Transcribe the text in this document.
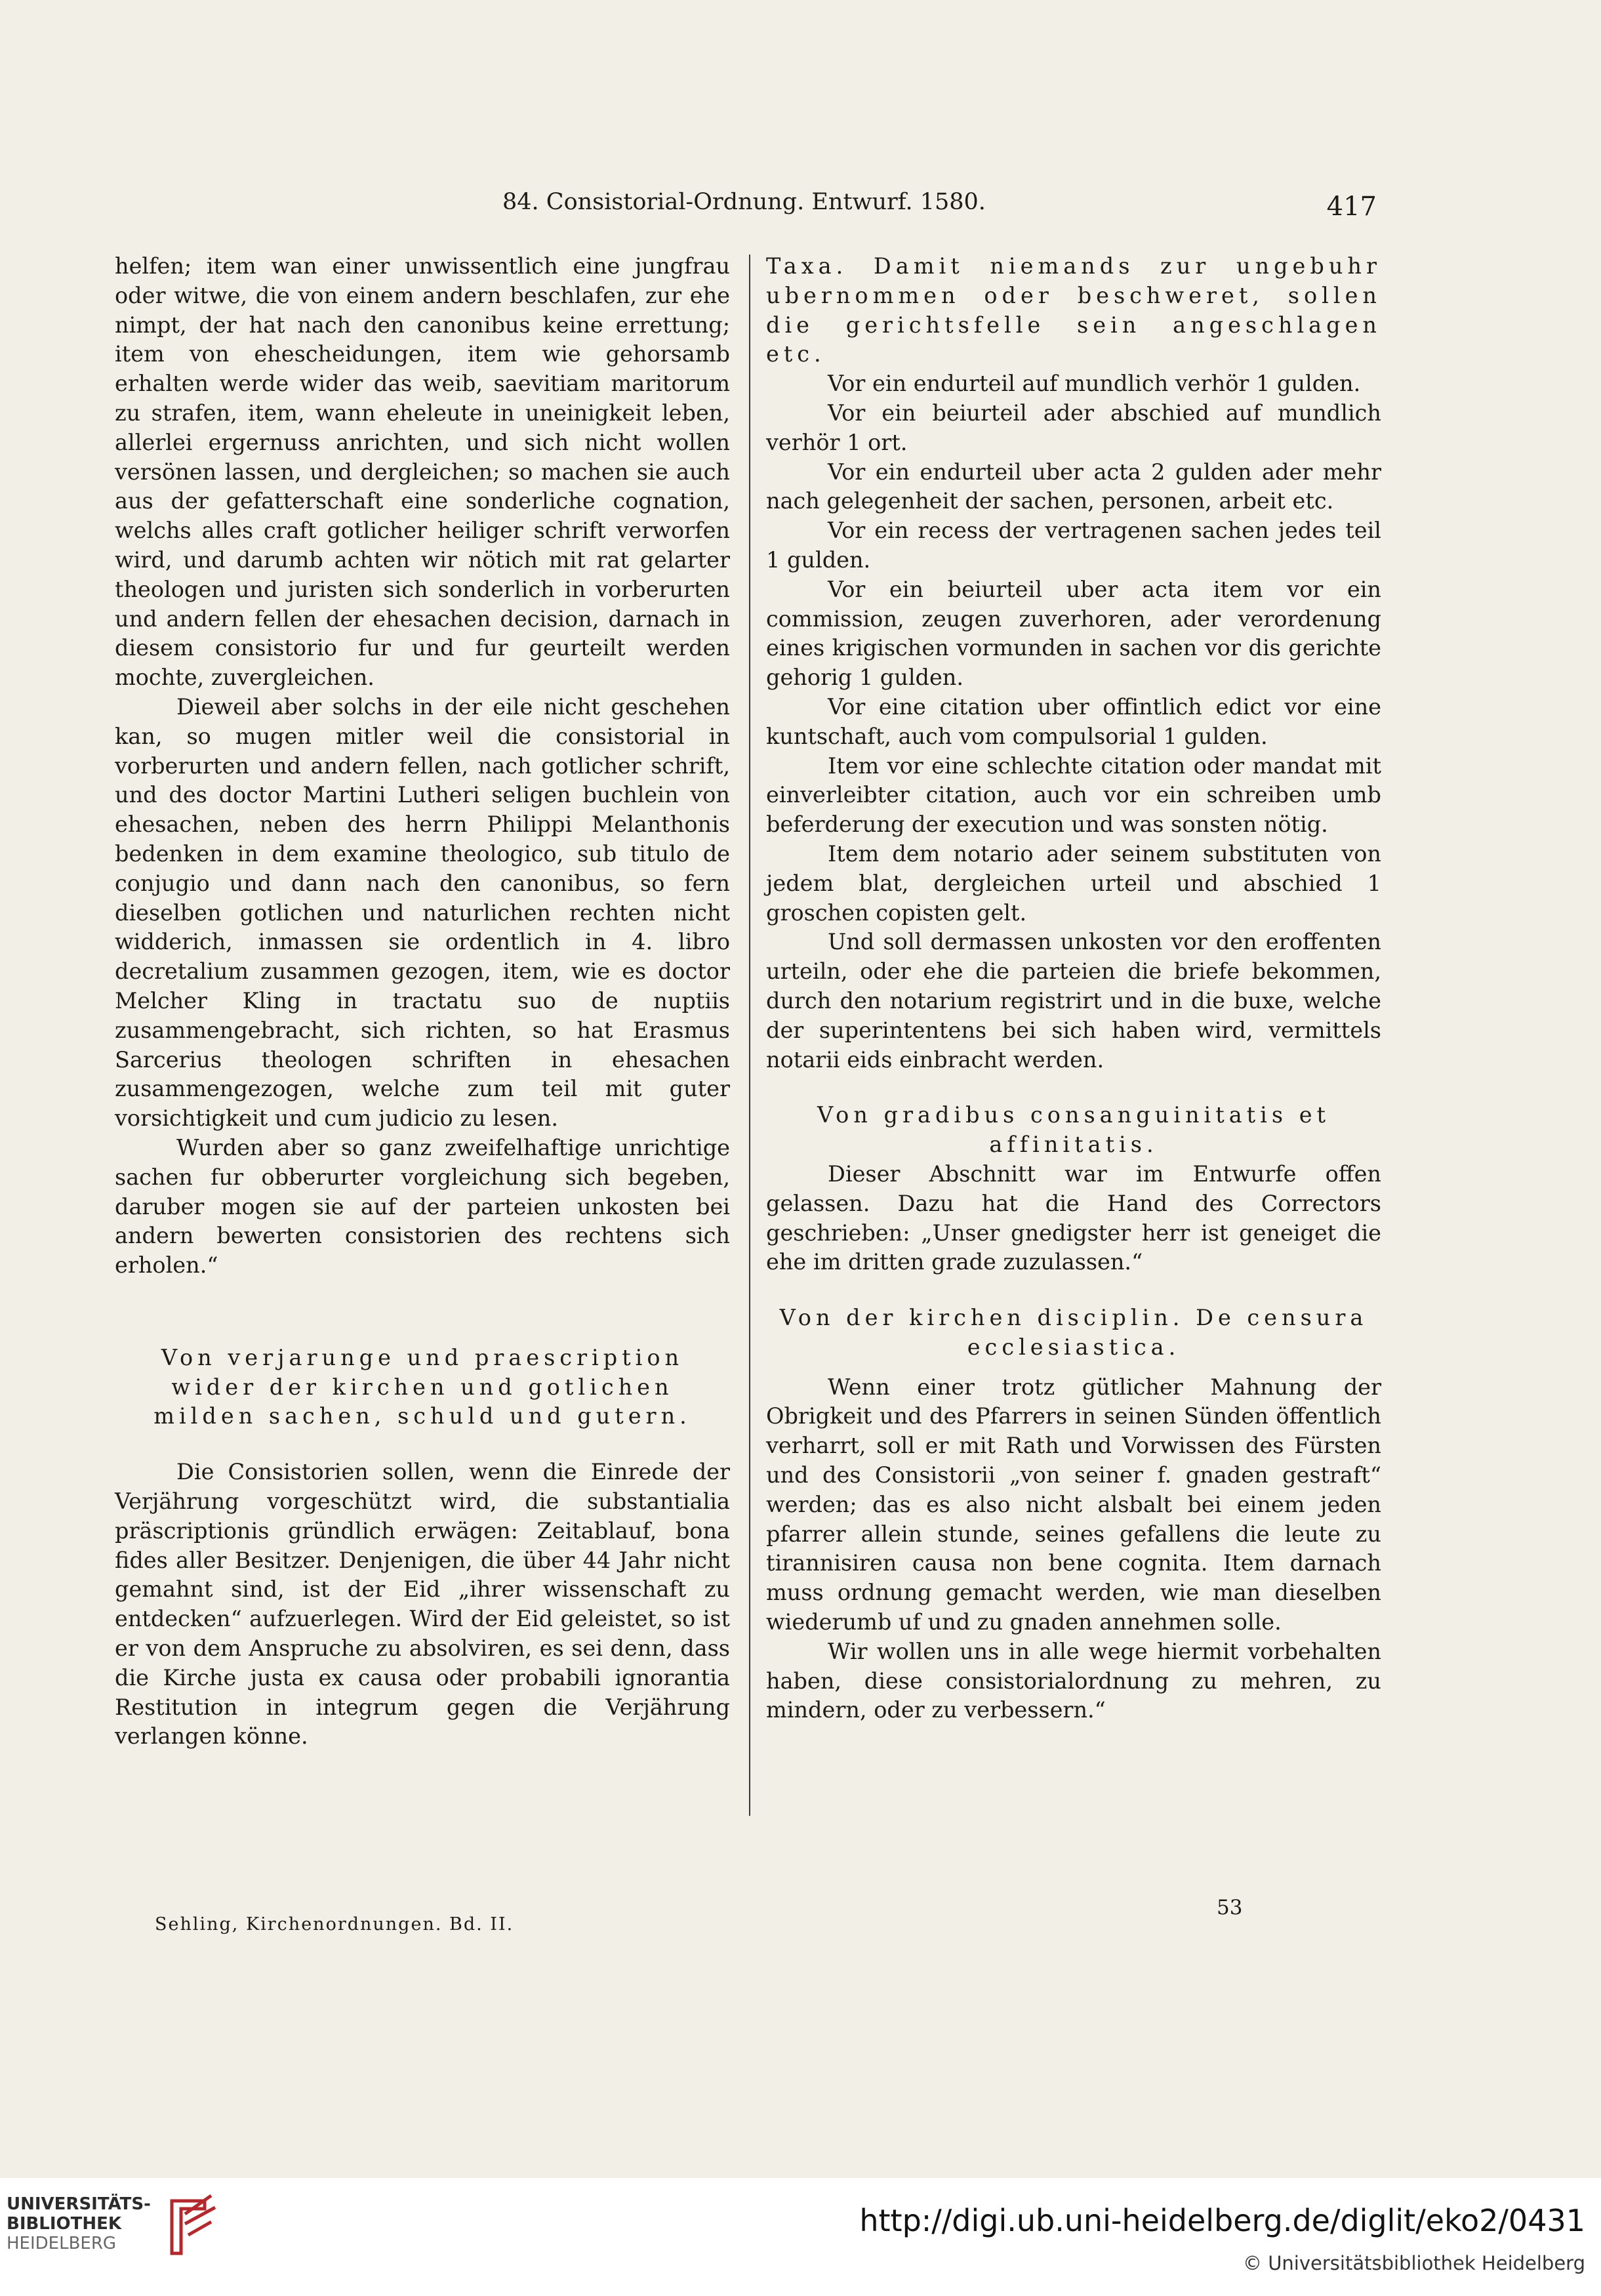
84. Consistorial-Ordnung. Entwurf. 1580.	417

helfen; item wan einer unwissentlich eine jungfrau oder witwe, die von einem andern beschlafen, zur ehe nimpt, der hat nach den canonibus keine errettung; item von ehescheidungen, item wie gehorsamb erhalten werde wider das weib, saevitiam maritorum zu strafen, item, wann eheleute in uneinigkeit leben, allerlei ergernuss anrichten, und sich nicht wollen versönen lassen, und dergleichen; so machen sie auch aus der gefatterschaft eine sonderliche cognation, welchs alles craft gotlicher heiliger schrift verworfen wird, und darumb achten wir nötich mit rat gelarter theologen und juristen sich sonderlich in vorberurten und andern fellen der ehesachen decision, darnach in diesem consistorio fur und fur geurteilt werden mochte, zuvergleichen.

Dieweil aber solchs in der eile nicht geschehen kan, so mugen mitler weil die consistorial in vorberurten und andern fellen, nach gotlicher schrift, und des doctor Martini Lutheri seligen buchlein von ehesachen, neben des herrn Philippi Melanthonis bedenken in dem examine theologico, sub titulo de conjugio und dann nach den canonibus, so fern dieselben gotlichen und naturlichen rechten nicht widderich, inmassen sie ordentlich in 4. libro decretalium zusammen gezogen, item, wie es doctor Melcher Kling in tractatu suo de nuptiis zusammengebracht, sich richten, so hat Erasmus Sarcerius theologen schriften in ehesachen zusammengezogen, welche zum teil mit guter vorsichtigkeit und cum judicio zu lesen.

Wurden aber so ganz zweifelhaftige unrichtige sachen fur obberurter vorgleichung sich begeben, daruber mogen sie auf der parteien unkosten bei andern bewerten consistorien des rechtens sich erholen.“

Von verjarunge und praescription wider der kirchen und gotlichen milden sachen, schuld und gutern.

Die Consistorien sollen, wenn die Einrede der Verjährung vorgeschützt wird, die substantialia präscriptionis gründlich erwägen: Zeitablauf, bona fides aller Besitzer. Denjenigen, die über 44 Jahr nicht gemahnt sind, ist der Eid „ihrer wissenschaft zu entdecken“ aufzuerlegen. Wird der Eid geleistet, so ist er von dem Anspruche zu absolviren, es sei denn, dass die Kirche justa ex causa oder probabili ignorantia Restitution in integrum gegen die Verjährung verlangen könne.

Taxa. Damit niemands zur ungebuhr ubernommen oder beschweret, sollen die gerichtsfelle sein angeschlagen etc.

Vor ein endurteil auf mundlich verhör 1 gulden.

Vor ein beiurteil ader abschied auf mundlich verhör 1 ort.

Vor ein endurteil uber acta 2 gulden ader mehr nach gelegenheit der sachen, personen, arbeit etc.

Vor ein recess der vertragenen sachen jedes teil 1 gulden.

Vor ein beiurteil uber acta item vor ein commission, zeugen zuverhoren, ader verordenung eines krigischen vormunden in sachen vor dis gerichte gehorig 1 gulden.

Vor eine citation uber offintlich edict vor eine kuntschaft, auch vom compulsorial 1 gulden.

Item vor eine schlechte citation oder mandat mit einverleibter citation, auch vor ein schreiben umb beferderung der execution und was sonsten nötig.

Item dem notario ader seinem substituten von jedem blat, dergleichen urteil und abschied 1 groschen copisten gelt.

Und soll dermassen unkosten vor den eroffenten urteiln, oder ehe die parteien die briefe bekommen, durch den notarium registrirt und in die buxe, welche der superintentens bei sich haben wird, vermittels notarii eids einbracht werden.

Von gradibus consanguinitatis et affinitatis.

Dieser Abschnitt war im Entwurfe offen gelassen. Dazu hat die Hand des Correctors geschrieben: „Unser gnedigster herr ist geneiget die ehe im dritten grade zuzulassen.“

Von der kirchen disciplin. De censura ecclesiastica.

Wenn einer trotz gütlicher Mahnung der Obrigkeit und des Pfarrers in seinen Sünden öffentlich verharrt, soll er mit Rath und Vorwissen des Fürsten und des Consistorii „von seiner f. gnaden gestraft“ werden; das es also nicht alsbalt bei einem jeden pfarrer allein stunde, seines gefallens die leute zu tirannisiren causa non bene cognita. Item darnach muss ordnung gemacht werden, wie man dieselben wiederumb uf und zu gnaden annehmen solle.

Wir wollen uns in alle wege hiermit vorbehalten haben, diese consistorialordnung zu mehren, zu mindern, oder zu verbessern.“

Sehling, Kirchenordnungen. Bd. II.
53
UNIVERSITÄTS-
BIBLIOTHEK
HEIDELBERG
http://digi.ub.uni-heidelberg.de/diglit/eko2/0431
© Universitätsbibliothek Heidelberg
